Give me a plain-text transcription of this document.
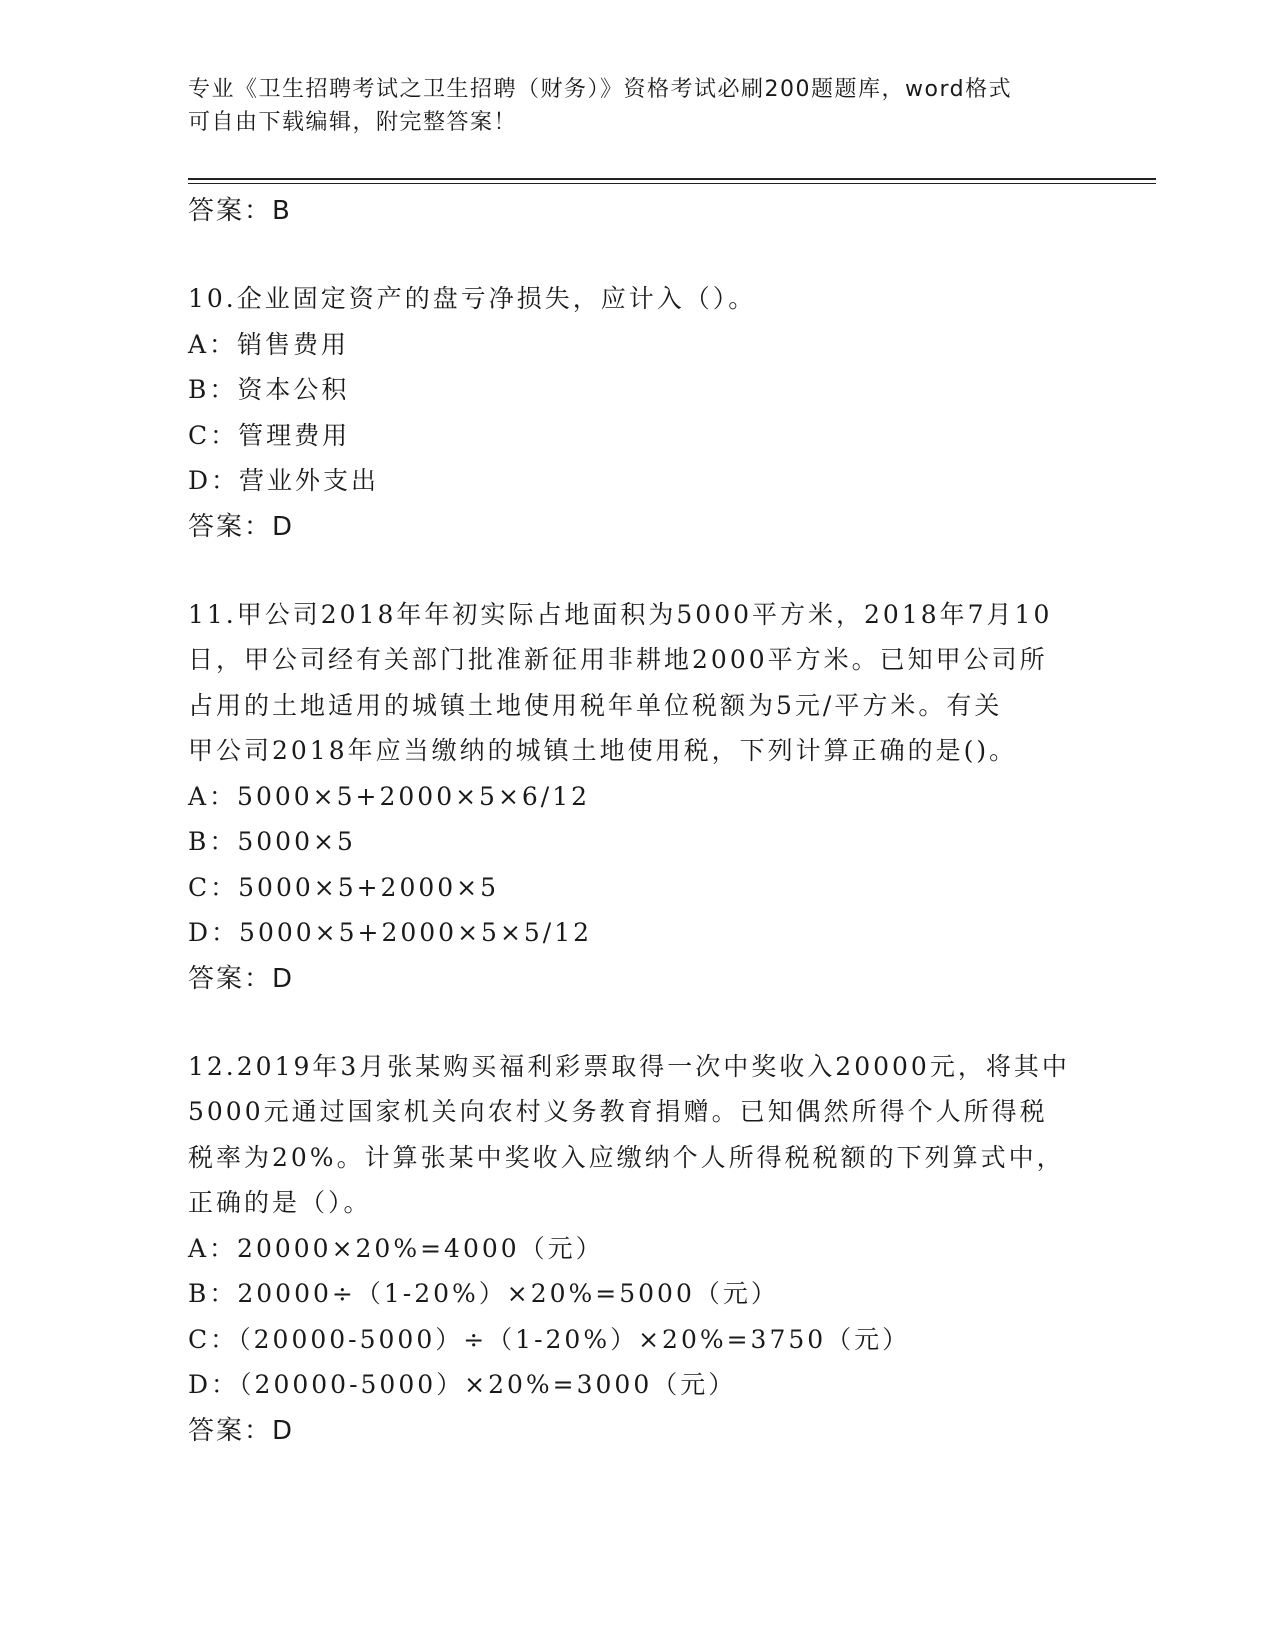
专业《卫生招聘考试之卫生招聘（财务）》资格考试必刷200题题库，word格式
可自由下载编辑，附完整答案！
答案：B
10.企业固定资产的盘亏净损失，应计入（）。
A：销售费用
B：资本公积
C：管理费用
D：营业外支出
答案：D
11.甲公司2018年年初实际占地面积为5000平方米，2018年7月10
日，甲公司经有关部门批准新征用非耕地2000平方米。已知甲公司所
占用的土地适用的城镇土地使用税年单位税额为5元/平方米。有关
甲公司2018年应当缴纳的城镇土地使用税，下列计算正确的是()。
A：5000×5+2000×5×6/12
B：5000×5
C：5000×5+2000×5
D：5000×5+2000×5×5/12
答案：D
12.2019年3月张某购买福利彩票取得一次中奖收入20000元，将其中
5000元通过国家机关向农村义务教育捐赠。已知偶然所得个人所得税
税率为20%。计算张某中奖收入应缴纳个人所得税税额的下列算式中，
正确的是（）。
A：20000×20%=4000（元）
B：20000÷（1-20%）×20%=5000（元）
C：（20000-5000）÷（1-20%）×20%=3750（元）
D：（20000-5000）×20%=3000（元）
答案：D
